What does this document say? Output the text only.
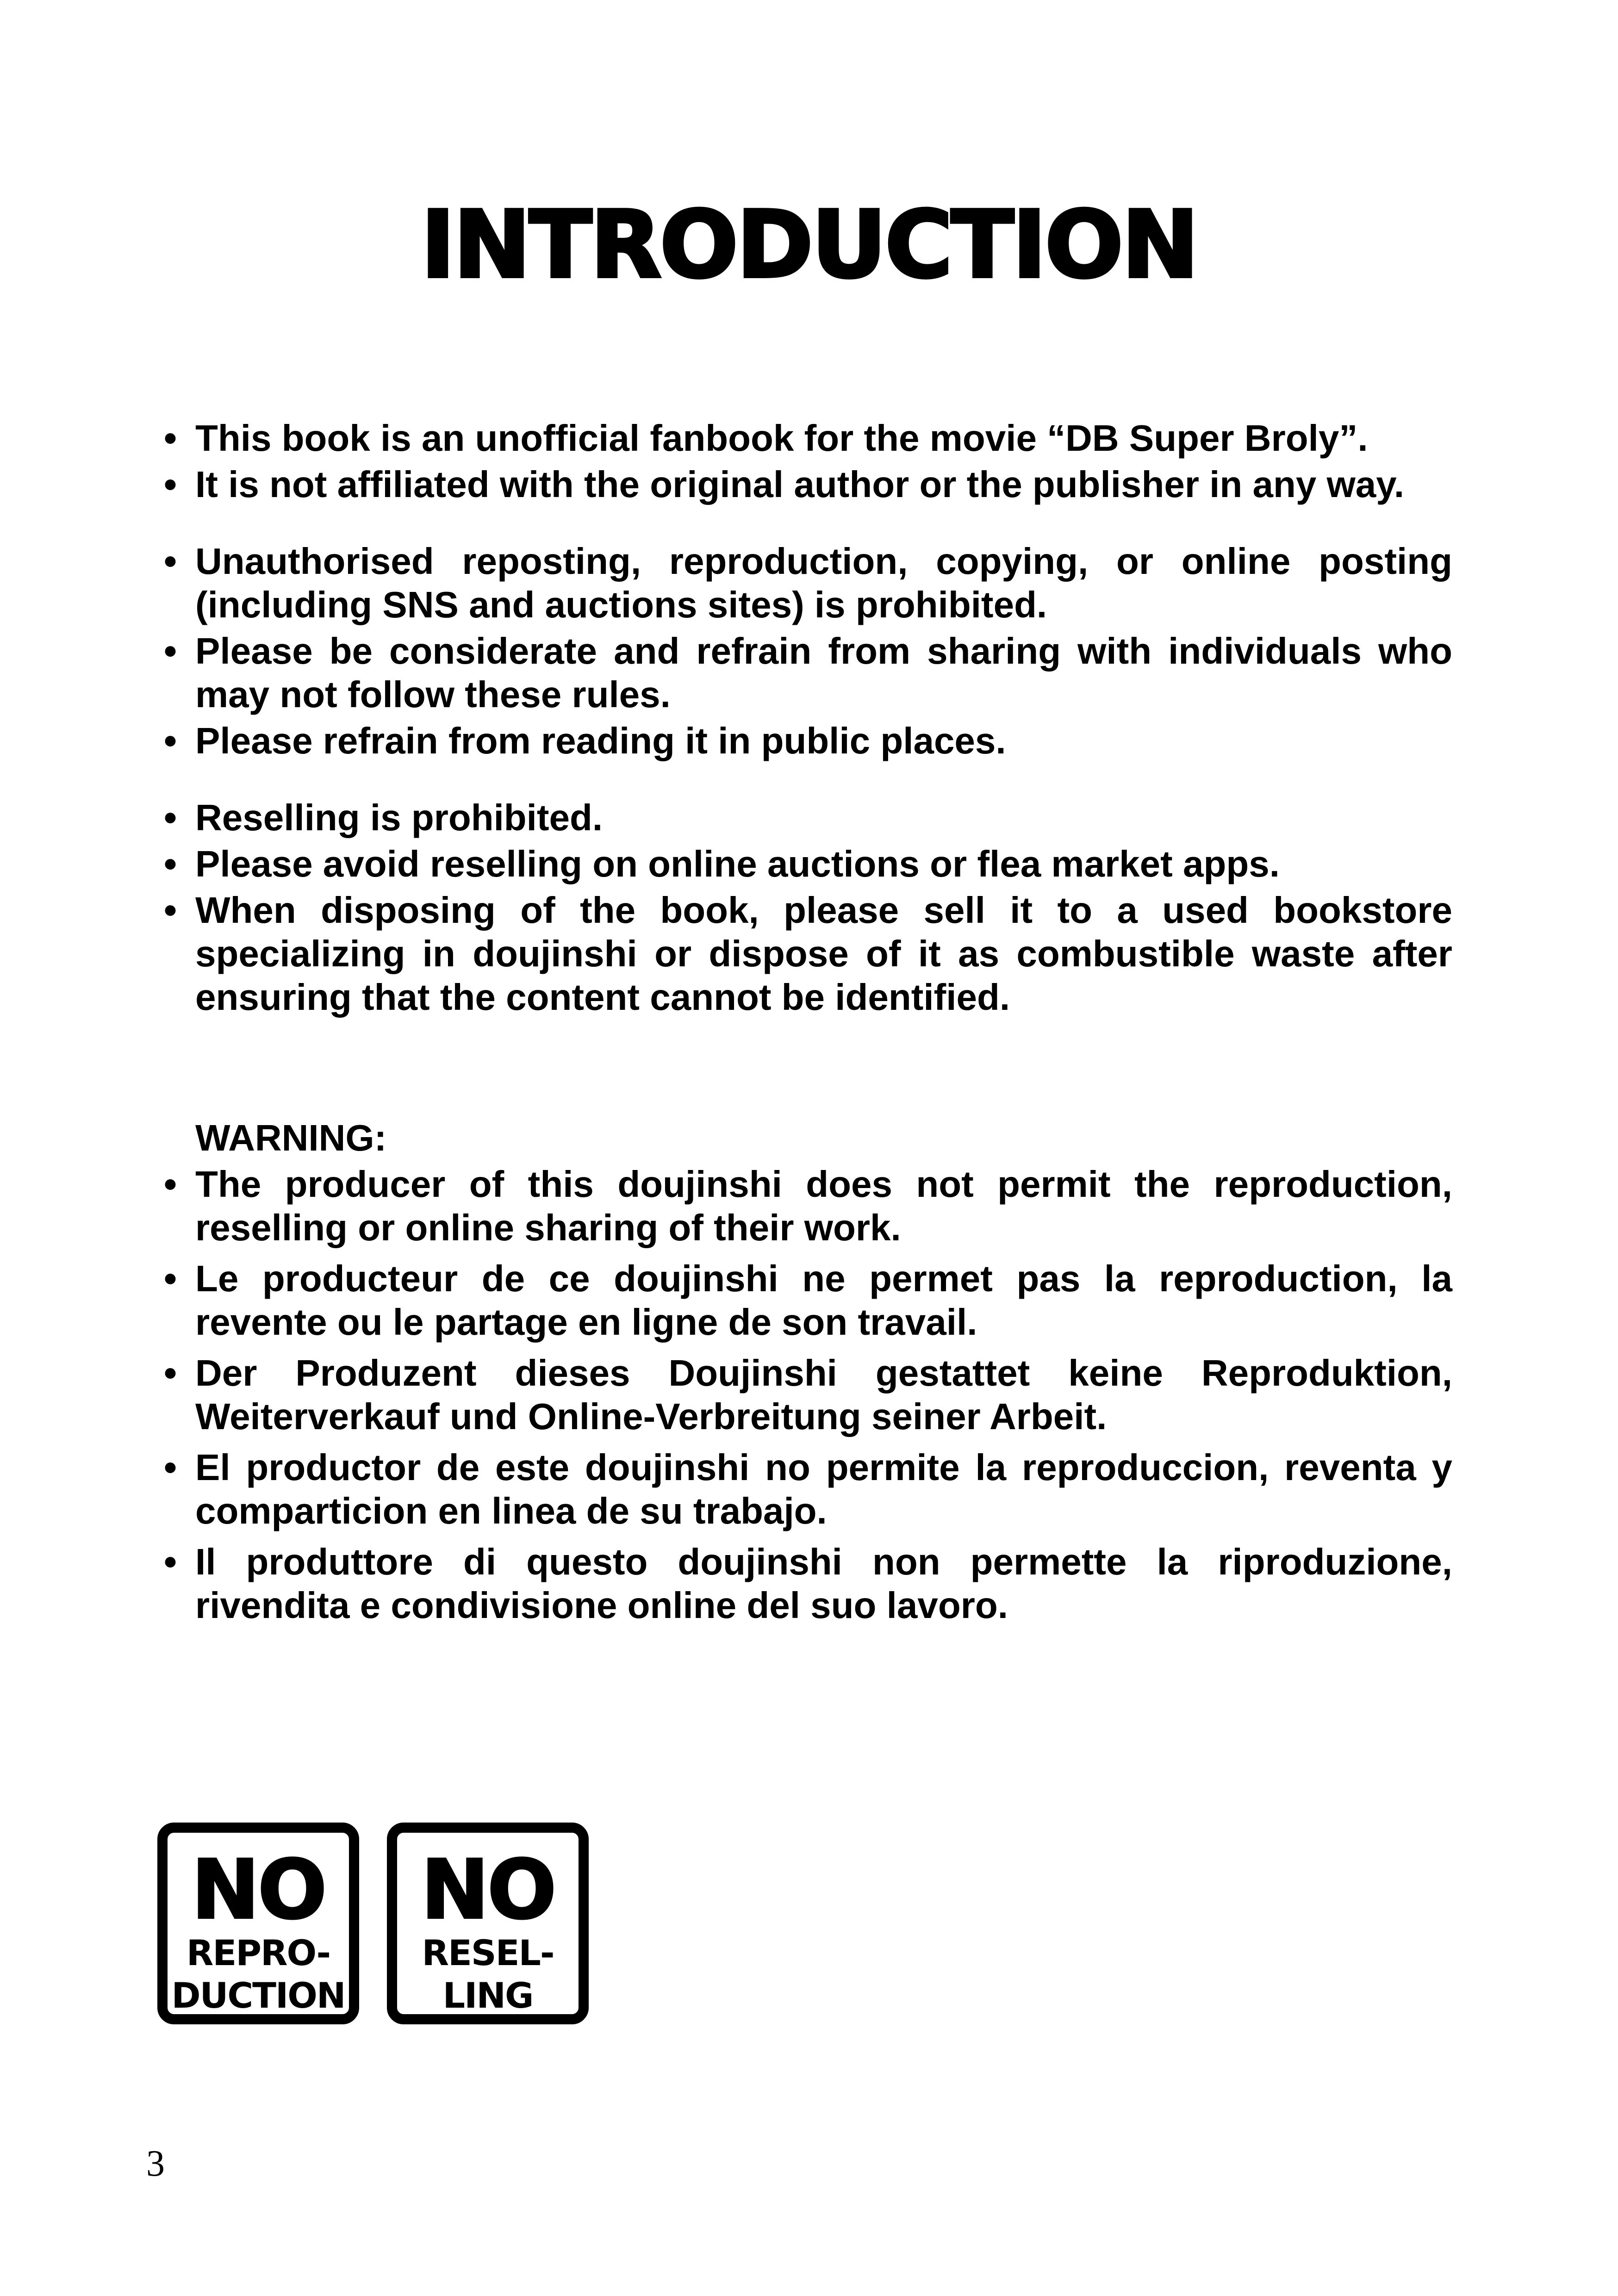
INTRODUCTION
• This book is an unofficial fanbook for the movie “DB Super Broly”.
• It is not affiliated with the original author or the publisher in any way.
• Unauthorised reposting, reproduction, copying, or online posting (including SNS and auctions sites) is prohibited.
• Please be considerate and refrain from sharing with individuals who may not follow these rules.
• Please refrain from reading it in public places.
• Reselling is prohibited.
• Please avoid reselling on online auctions or flea market apps.
• When disposing of the book, please sell it to a used bookstore specializing in doujinshi or dispose of it as combustible waste after ensuring that the content cannot be identified.
WARNING:
• The producer of this doujinshi does not permit the reproduction, reselling or online sharing of their work.
• Le producteur de ce doujinshi ne permet pas la reproduction, la revente ou le partage en ligne de son travail.
• Der Produzent dieses Doujinshi gestattet keine Reproduktion, Weiterverkauf und Online-Verbreitung seiner Arbeit.
• El productor de este doujinshi no permite la reproduccion, reventa y comparticion en linea de su trabajo.
• Il produttore di questo doujinshi non permette la riproduzione, rivendita e condivisione online del suo lavoro.
NO
REPRO-
DUCTION
NO
RESEL-
LING
3
